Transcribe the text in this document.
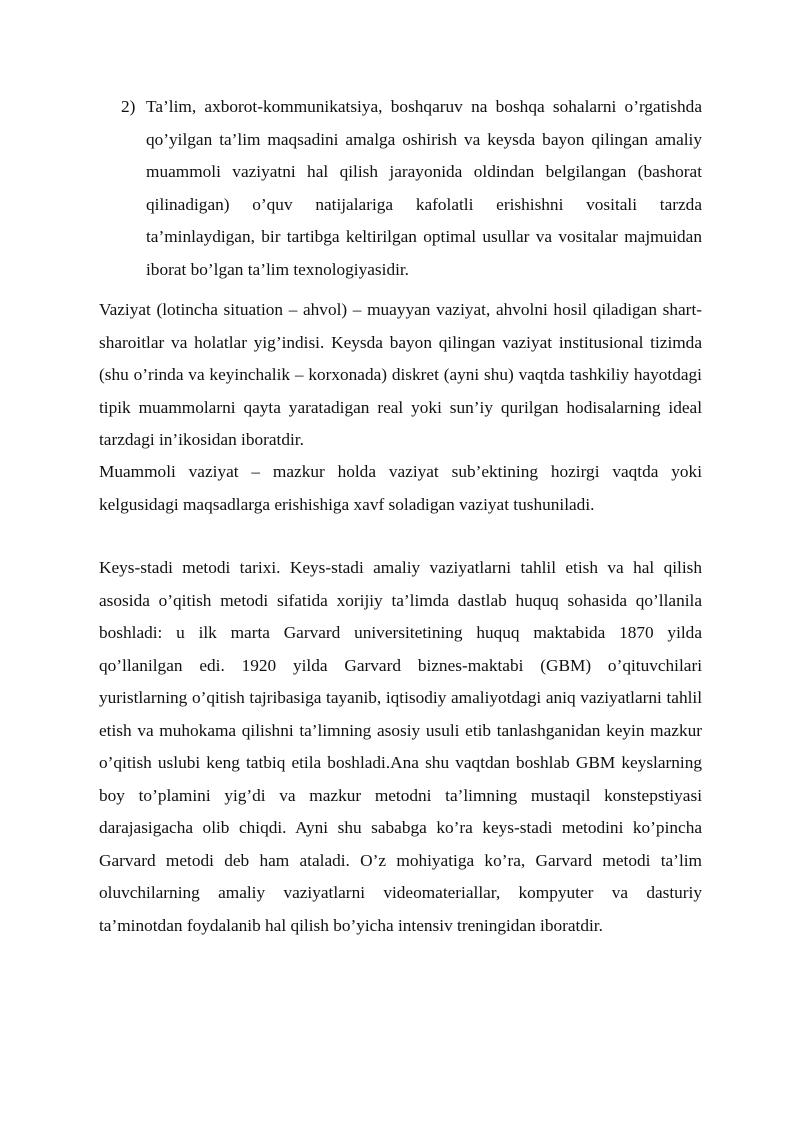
2) Ta’lim, axborot-kommunikatsiya, boshqaruv na boshqa sohalarni o’rgatishda qo’yilgan ta’lim maqsadini amalga oshirish va keysda bayon qilingan amaliy muammoli vaziyatni hal qilish jarayonida oldindan belgilangan (bashorat qilinadigan) o’quv natijalariga kafolatli erishishni vositali tarzda ta’minlaydigan, bir tartibga keltirilgan optimal usullar va vositalar majmuidan iborat bo’lgan ta’lim texnologiyasidir.

Vaziyat (lotincha situation – ahvol) – muayyan vaziyat, ahvolni hosil qiladigan shart-sharoitlar va holatlar yig’indisi. Keysda bayon qilingan vaziyat institusional tizimda (shu o’rinda va keyinchalik – korxonada) diskret (ayni shu) vaqtda tashkiliy hayotdagi tipik muammolarni qayta yaratadigan real yoki sun’iy qurilgan hodisalarning ideal tarzdagi in’ikosidan iboratdir.

Muammoli vaziyat – mazkur holda vaziyat sub’ektining hozirgi vaqtda yoki kelgusidagi maqsadlarga erishishiga xavf soladigan vaziyat tushuniladi.

Keys-stadi metodi tarixi. Keys-stadi amaliy vaziyatlarni tahlil etish va hal qilish asosida o’qitish metodi sifatida xorijiy ta’limda dastlab huquq sohasida qo’llanila boshladi: u ilk marta Garvard universitetining huquq maktabida 1870 yilda qo’llanilgan edi. 1920 yilda Garvard biznes-maktabi (GBM) o’qituvchilari yuristlarning o’qitish tajribasiga tayanib, iqtisodiy amaliyotdagi aniq vaziyatlarni tahlil etish va muhokama qilishni ta’limning asosiy usuli etib tanlashganidan keyin mazkur o’qitish uslubi keng tatbiq etila boshladi.Ana shu vaqtdan boshlab GBM keyslarning boy to’plamini yig’di va mazkur metodni ta’limning mustaqil konstepstiyasi darajasigacha olib chiqdi. Ayni shu sababga ko’ra keys-stadi metodini ko’pincha Garvard metodi deb ham ataladi. O’z mohiyatiga ko’ra, Garvard metodi ta’lim oluvchilarning amaliy vaziyatlarni videomateriallar, kompyuter va dasturiy ta’minotdan foydalanib hal qilish bo’yicha intensiv treningidan iboratdir.
